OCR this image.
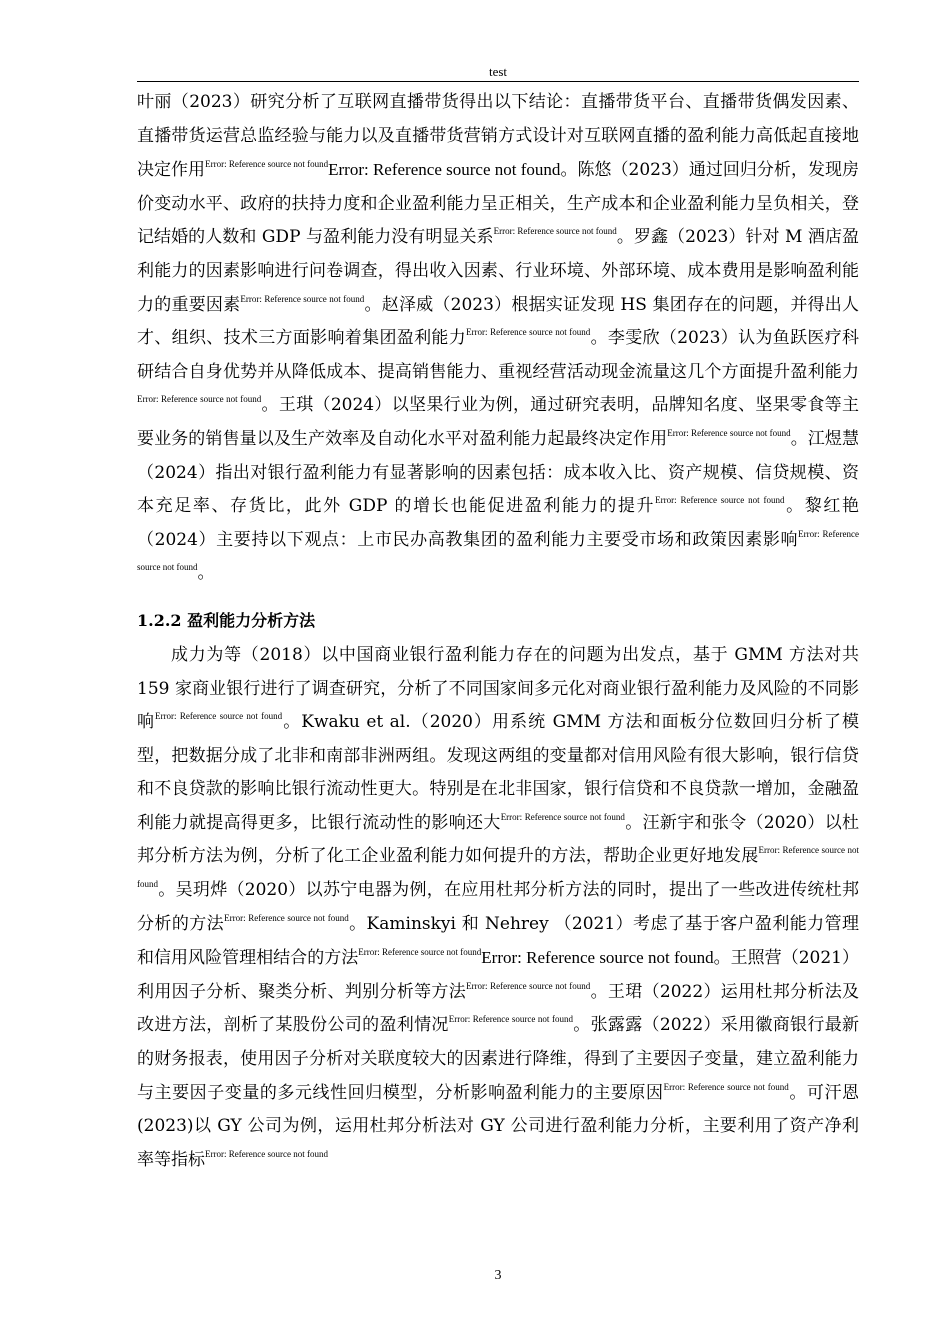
test

叶丽（2023）研究分析了互联网直播带货得出以下结论：直播带货平台、直播带货偶发因素、直播带货运营总监经验与能力以及直播带货营销方式设计对互联网直播的盈利能力高低起直接地决定作用$^{Error: Reference source not found}$Error: Reference source not found。陈悠（2023）通过回归分析，发现房价变动水平、政府的扶持力度和企业盈利能力呈正相关，生产成本和企业盈利能力呈负相关，登记结婚的人数和 GDP 与盈利能力没有明显关系$^{Error: Reference source not found}$。罗鑫（2023）针对 M 酒店盈利能力的因素影响进行问卷调查，得出收入因素、行业环境、外部环境、成本费用是影响盈利能力的重要因素$^{Error: Reference source not found}$。赵泽威（2023）根据实证发现 HS 集团存在的问题，并得出人才、组织、技术三方面影响着集团盈利能力$^{Error: Reference source not found}$。李雯欣（2023）认为鱼跃医疗科研结合自身优势并从降低成本、提高销售能力、重视经营活动现金流量这几个方面提升盈利能力$^{Error: Reference source not found}$。王琪（2024）以坚果行业为例，通过研究表明，品牌知名度、坚果零食等主要业务的销售量以及生产效率及自动化水平对盈利能力起最终决定作用$^{Error: Reference source not found}$。江煜慧（2024）指出对银行盈利能力有显著影响的因素包括：成本收入比、资产规模、信贷规模、资本充足率、存货比，此外 GDP 的增长也能促进盈利能力的提升$^{Error: Reference source not found}$。黎红艳（2024）主要持以下观点：上市民办高教集团的盈利能力主要受市场和政策因素影响$^{Error: Reference source not found}$。

1.2.2 盈利能力分析方法

成力为等（2018）以中国商业银行盈利能力存在的问题为出发点，基于 GMM 方法对共 159 家商业银行进行了调查研究，分析了不同国家间多元化对商业银行盈利能力及风险的不同影响$^{Error: Reference source not found}$。Kwaku et al.（2020）用系统 GMM 方法和面板分位数回归分析了模型，把数据分成了北非和南部非洲两组。发现这两组的变量都对信用风险有很大影响，银行信贷和不良贷款的影响比银行流动性更大。特别是在北非国家，银行信贷和不良贷款一增加，金融盈利能力就提高得更多，比银行流动性的影响还大$^{Error: Reference source not found}$。汪新宇和张令（2020）以杜邦分析方法为例，分析了化工企业盈利能力如何提升的方法，帮助企业更好地发展$^{Error: Reference source not found}$。吴玥烨（2020）以苏宁电器为例，在应用杜邦分析方法的同时，提出了一些改进传统杜邦分析的方法$^{Error: Reference source not found}$。Kaminskyi 和 Nehrey （2021）考虑了基于客户盈利能力管理和信用风险管理相结合的方法$^{Error: Reference source not found}$Error: Reference source not found。王照营（2021）利用因子分析、聚类分析、判别分析等方法$^{Error: Reference source not found}$。王珺（2022）运用杜邦分析法及改进方法，剖析了某股份公司的盈利情况$^{Error: Reference source not found}$。张露露（2022）采用徽商银行最新的财务报表，使用因子分析对关联度较大的因素进行降维，得到了主要因子变量，建立盈利能力与主要因子变量的多元线性回归模型，分析影响盈利能力的主要原因$^{Error: Reference source not found}$。可汗恩(2023)以 GY 公司为例，运用杜邦分析法对 GY 公司进行盈利能力分析，主要利用了资产净利率等指标$^{Error: Reference source not found}$

3
